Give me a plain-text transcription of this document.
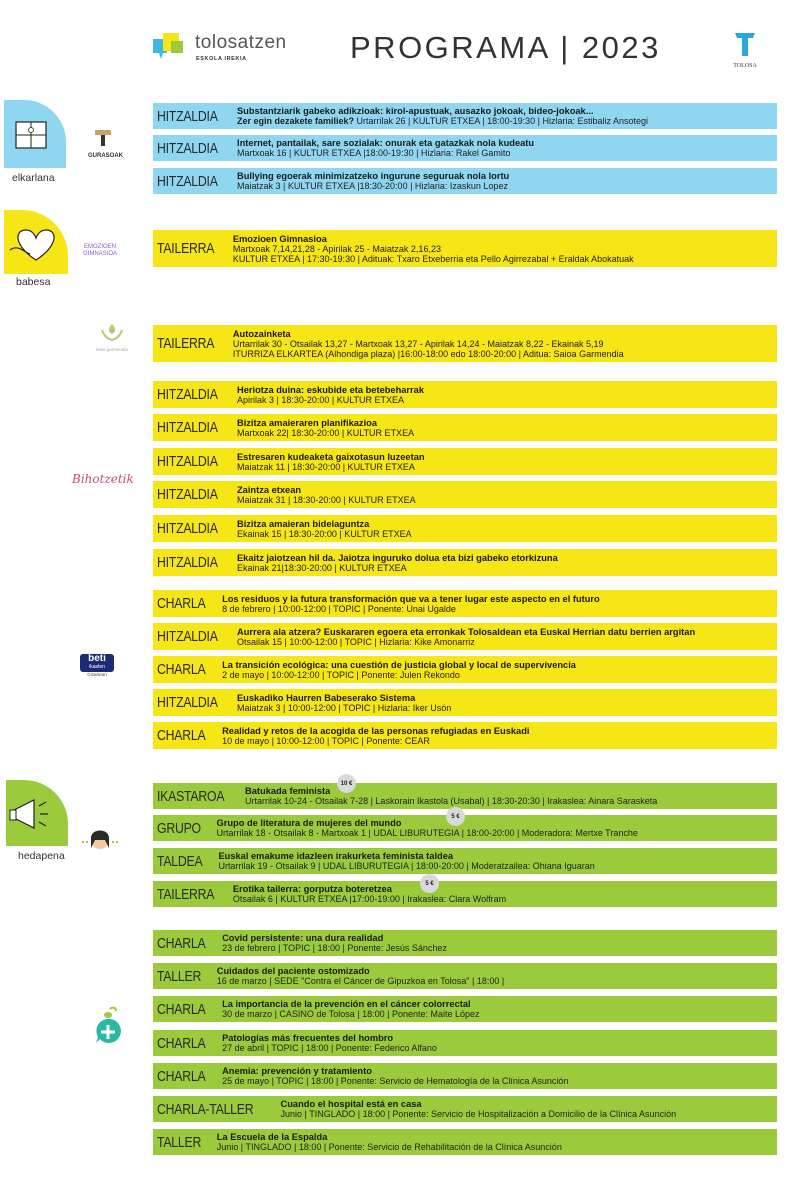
tolosatzen
ESKOLA IREKIA	PROGRAMA | 2023
TOLOSA
elkarlana
GURASOAK
babesa
EMOZIOEN GIMNASIOA
itsas garmendia
Bihotzetik
beti
ikasten
Gizartean
hedapena
HITZALDIA Substantziarik gabeko adikzioak: kirol-apustuak, ausazko jokoak, bideo-jokoak...
Zer egin dezakete familiek? Urtarrilak 26 | KULTUR ETXEA | 18:00-19:30 | Hizlaria: Estibaliz Ansotegi
HITZALDIA Internet, pantailak, sare sozialak: onurak eta gatazkak nola kudeatu
Martxoak 16 | KULTUR ETXEA |18:00-19:30 | Hizlaria: Rakel Gamito
HITZALDIA Bullying egoerak minimizatzeko ingurune seguruak nola lortu
Maiatzak 3 | KULTUR ETXEA |18:30-20:00 | Hizlaria: Izaskun Lopez
TAILERRA
Emozioen Gimnasioa
Martxoak 7,14,21,28 - Apirilak 25 - Maiatzak 2,16,23
KULTUR ETXEA | 17:30-19:30 | Adituak: Txaro Etxeberria eta Pello Agirrezabal + Eraldak Abokatuak
TAILERRA
Autozainketa
Urtarrilak 30 - Otsailak 13,27 - Martxoak 13,27 - Apirilak 14,24 - Maiatzak 8,22 - Ekainak 5,19
ITURRIZA ELKARTEA (Alhondiga plaza) |16:00-18:00 edo 18:00-20:00 | Aditua: Saioa Garmendia
HITZALDIA Heriotza duina: eskubide eta betebeharrak
Apirilak 3 | 18:30-20:00 | KULTUR ETXEA
HITZALDIA Bizitza amaieraren planifikazioa
Martxoak 22| 18:30-20:00 | KULTUR ETXEA
HITZALDIA Estresaren kudeaketa gaixotasun luzeetan
Maiatzak 11 | 18:30-20:00 | KULTUR ETXEA
HITZALDIA Zaintza etxean
Maiatzak 31 | 18:30-20:00 | KULTUR ETXEA
HITZALDIA Bizitza amaieran bidelaguntza
Ekainak 15 | 18:30-20:00 | KULTUR ETXEA
HITZALDIA Ekaitz jaiotzean hil da. Jaiotza inguruko dolua eta bizi gabeko etorkizuna
Ekainak 21|18:30-20:00 | KULTUR ETXEA
CHARLA Los residuos y la futura transformación que va a tener lugar este aspecto en el futuro
8 de febrero | 10:00-12:00 | TOPIC | Ponente: Unai Ugalde
HITZALDIA Aurrera ala atzera? Euskararen egoera eta erronkak Tolosaldean eta Euskal Herrian datu berrien argitan
Otsailak 15 | 10:00-12:00 | TOPIC | Hizlaria: Kike Amonarriz
CHARLA La transición ecológica: una cuestión de justicia global y local de supervivencia
2 de mayo | 10:00-12:00 | TOPIC | Ponente: Julen Rekondo
HITZALDIA Euskadiko Haurren Babeserako Sistema
Maiatzak 3 | 10:00-12:00 | TOPIC | Hizlaria: Iker Usón
CHARLA Realidad y retos de la acogida de las personas refugiadas en Euskadi
10 de mayo | 10:00-12:00 | TOPIC | Ponente: CEAR
IKASTAROA Batukada feminista
Urtarrilak 10-24 - Otsailak 7-28 | Laskorain Ikastola (Usabal) | 18:30-20:30 | Irakaslea: Ainara Sarasketa
10 €
GRUPO Grupo de literatura de mujeres del mundo
Urtarrilak 18 - Otsailak 8 - Martxoak 1 | UDAL LIBURUTEGIA | 18:00-20:00 | Moderadora: Mertxe Tranche
5 €
TALDEA Euskal emakume idazleen irakurketa feminista taldea
Urtarrilak 19 - Otsailak 9 | UDAL LIBURUTEGIA | 18:00-20:00 | Moderatzailea: Ohiana Iguaran
TAILERRA Erotika tailerra: gorputza boteretzea
Otsailak 6 | KULTUR ETXEA |17:00-19:00 | Irakaslea: Clara Wolfram
5 €
CHARLA Covid persistente: una dura realidad
23 de febrero | TOPIC | 18:00 | Ponente: Jesús Sánchez
TALLER Cuidados del paciente ostomizado
16 de marzo | SEDE "Contra el Cáncer de Gipuzkoa en Tolosa" | 18:00 |
CHARLA La importancia de la prevención en el cáncer colorrectal
30 de marzo | CASINO de Tolosa | 18:00 | Ponente: Maite López
CHARLA Patologías más frecuentes del hombro
27 de abril | TOPIC | 18:00 | Ponente: Federico Alfano
CHARLA Anemia: prevención y tratamiento
25 de mayo | TOPIC | 18:00 | Ponente: Servicio de Hematología de la Clínica Asunción
CHARLA-TALLER	Cuando el hospital está en casa
Junio | TINGLADO | 18:00 | Ponente: Servicio de Hospitalización a Domicilio de la Clínica Asunción
TALLER La Escuela de la Espalda
Junio | TINGLADO | 18:00 | Ponente: Servicio de Rehabilitación de la Clínica Asunción
